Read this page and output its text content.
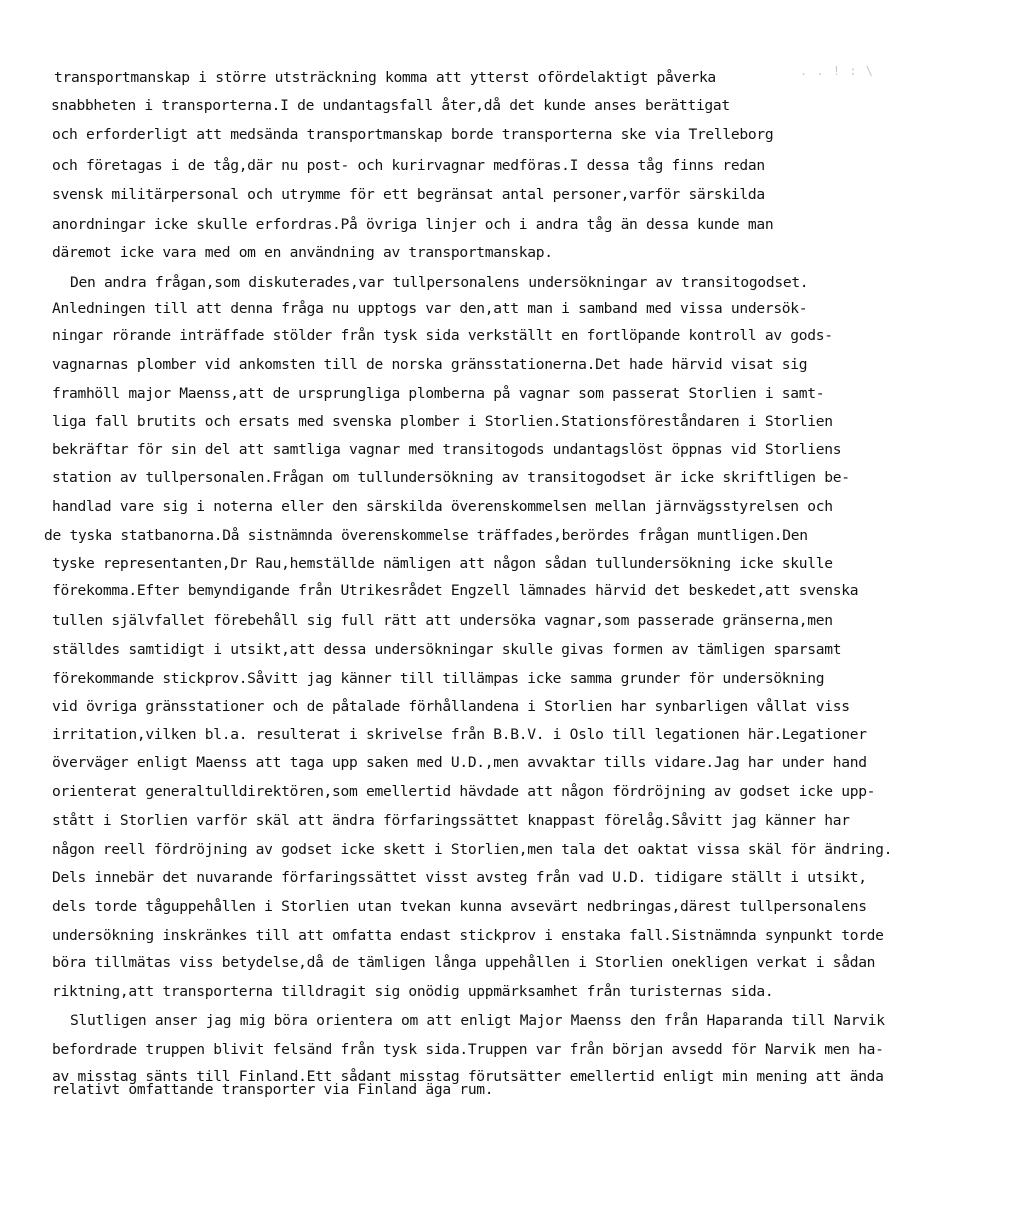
. . ! : \
transportmanskap i större utsträckning komma att ytterst ofördelaktigt påverka
snabbheten i transporterna.I de undantagsfall åter,då det kunde anses berättigat
och erforderligt att medsända transportmanskap borde transporterna ske via Trelleborg
och företagas i de tåg,där nu post- och kurirvagnar medföras.I dessa tåg finns redan
svensk militärpersonal och utrymme för ett begränsat antal personer,varför särskilda
anordningar icke skulle erfordras.På övriga linjer och i andra tåg än dessa kunde man
däremot icke vara med om en användning av transportmanskap.
Den andra frågan,som diskuterades,var tullpersonalens undersökningar av transitogodset.
Anledningen till att denna fråga nu upptogs var den,att man i samband med vissa undersök-
ningar rörande inträffade stölder från tysk sida verkställt en fortlöpande kontroll av gods-
vagnarnas plomber vid ankomsten till de norska gränsstationerna.Det hade härvid visat sig
framhöll major Maenss,att de ursprungliga plomberna på vagnar som passerat Storlien i samt-
liga fall brutits och ersats med svenska plomber i Storlien.Stationsföreståndaren i Storlien
bekräftar för sin del att samtliga vagnar med transitogods undantagslöst öppnas vid Storliens
station av tullpersonalen.Frågan om tullundersökning av transitogodset är icke skriftligen be-
handlad vare sig i noterna eller den särskilda överenskommelsen mellan järnvägsstyrelsen och
de tyska statbanorna.Då sistnämnda överenskommelse träffades,berördes frågan muntligen.Den
tyske representanten,Dr Rau,hemställde nämligen att någon sådan tullundersökning icke skulle
förekomma.Efter bemyndigande från Utrikesrådet Engzell lämnades härvid det beskedet,att svenska
tullen självfallet förebehåll sig full rätt att undersöka vagnar,som passerade gränserna,men
ställdes samtidigt i utsikt,att dessa undersökningar skulle givas formen av tämligen sparsamt
förekommande stickprov.Såvitt jag känner till tillämpas icke samma grunder för undersökning
vid övriga gränsstationer och de påtalade förhållandena i Storlien har synbarligen vållat viss
irritation,vilken bl.a. resulterat i skrivelse från B.B.V. i Oslo till legationen här.Legationer
överväger enligt Maenss att taga upp saken med U.D.,men avvaktar tills vidare.Jag har under hand
orienterat generaltulldirektören,som emellertid hävdade att någon fördröjning av godset icke upp-
stått i Storlien varför skäl att ändra förfaringssättet knappast förelåg.Såvitt jag känner har
någon reell fördröjning av godset icke skett i Storlien,men tala det oaktat vissa skäl för ändring.
Dels innebär det nuvarande förfaringssättet visst avsteg från vad U.D. tidigare ställt i utsikt,
dels torde tåguppehållen i Storlien utan tvekan kunna avsevärt nedbringas,därest tullpersonalens
undersökning inskränkes till att omfatta endast stickprov i enstaka fall.Sistnämnda synpunkt torde
böra tillmätas viss betydelse,då de tämligen långa uppehållen i Storlien onekligen verkat i sådan
riktning,att transporterna tilldragit sig onödig uppmärksamhet från turisternas sida.
Slutligen anser jag mig böra orientera om att enligt Major Maenss den från Haparanda till Narvik
befordrade truppen blivit felsänd från tysk sida.Truppen var från början avsedd för Narvik men ha-
av misstag sänts till Finland.Ett sådant misstag förutsätter emellertid enligt min mening att ända
relativt omfattande transporter via Finland äga rum.
